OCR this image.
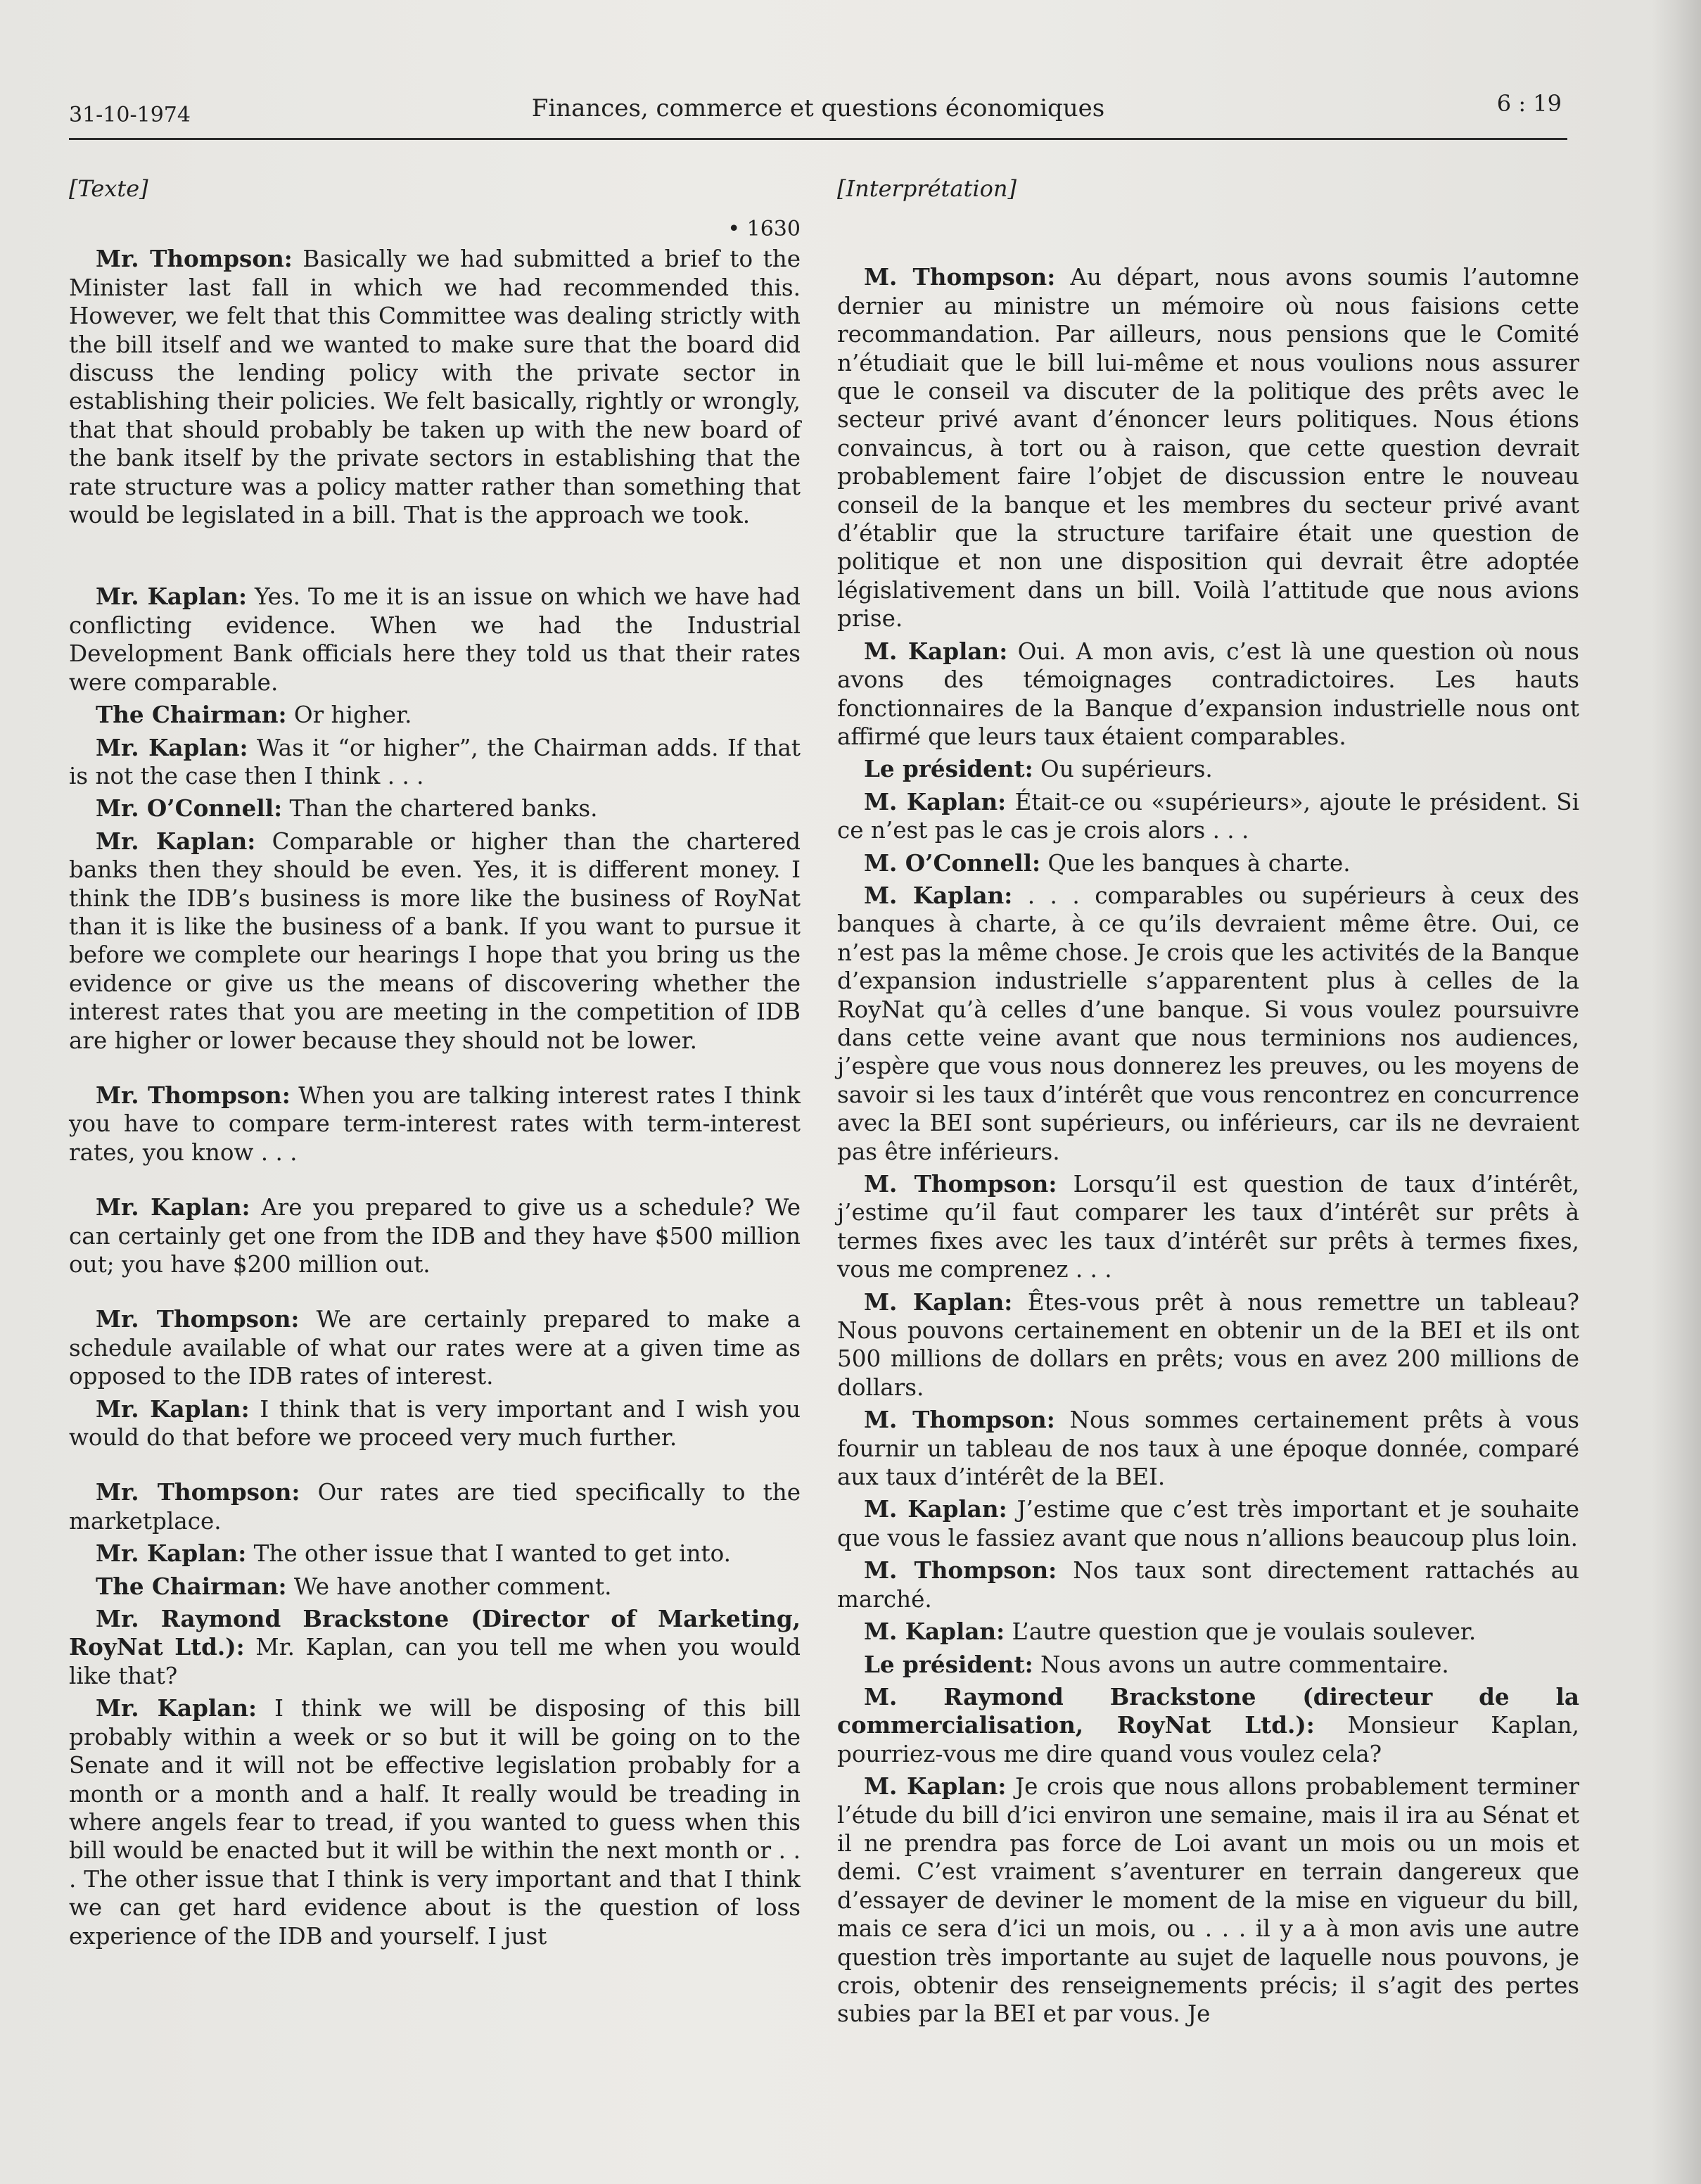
31-10-1974	Finances, commerce et questions économiques	6 : 19
[Texte]
• 1630

Mr. Thompson: Basically we had submitted a brief to the Minister last fall in which we had recommended this. However, we felt that this Committee was dealing strictly with the bill itself and we wanted to make sure that the board did discuss the lending policy with the private sector in establishing their policies. We felt basically, rightly or wrongly, that that should probably be taken up with the new board of the bank itself by the private sectors in establishing that the rate structure was a policy matter rather than something that would be legislated in a bill. That is the approach we took.

Mr. Kaplan: Yes. To me it is an issue on which we have had conflicting evidence. When we had the Industrial Development Bank officials here they told us that their rates were comparable.

The Chairman: Or higher.

Mr. Kaplan: Was it “or higher”, the Chairman adds. If that is not the case then I think . . .

Mr. O’Connell: Than the chartered banks.

Mr. Kaplan: Comparable or higher than the chartered banks then they should be even. Yes, it is different money. I think the IDB’s business is more like the business of RoyNat than it is like the business of a bank. If you want to pursue it before we complete our hearings I hope that you bring us the evidence or give us the means of discovering whether the interest rates that you are meeting in the competition of IDB are higher or lower because they should not be lower.

Mr. Thompson: When you are talking interest rates I think you have to compare term-interest rates with term-interest rates, you know . . .

Mr. Kaplan: Are you prepared to give us a schedule? We can certainly get one from the IDB and they have $500 million out; you have $200 million out.

Mr. Thompson: We are certainly prepared to make a schedule available of what our rates were at a given time as opposed to the IDB rates of interest.

Mr. Kaplan: I think that is very important and I wish you would do that before we proceed very much further.

Mr. Thompson: Our rates are tied specifically to the marketplace.

Mr. Kaplan: The other issue that I wanted to get into.

The Chairman: We have another comment.

Mr. Raymond Brackstone (Director of Marketing, RoyNat Ltd.): Mr. Kaplan, can you tell me when you would like that?

Mr. Kaplan: I think we will be disposing of this bill probably within a week or so but it will be going on to the Senate and it will not be effective legislation probably for a month or a month and a half. It really would be treading in where angels fear to tread, if you wanted to guess when this bill would be enacted but it will be within the next month or . . . The other issue that I think is very important and that I think we can get hard evidence about is the question of loss experience of the IDB and yourself. I just

[Interprétation]

M. Thompson: Au départ, nous avons soumis l’automne dernier au ministre un mémoire où nous faisions cette recommandation. Par ailleurs, nous pensions que le Comité n’étudiait que le bill lui-même et nous voulions nous assurer que le conseil va discuter de la politique des prêts avec le secteur privé avant d’énoncer leurs politiques. Nous étions convaincus, à tort ou à raison, que cette question devrait probablement faire l’objet de discussion entre le nouveau conseil de la banque et les membres du secteur privé avant d’établir que la structure tarifaire était une question de politique et non une disposition qui devrait être adoptée législativement dans un bill. Voilà l’attitude que nous avions prise.

M. Kaplan: Oui. A mon avis, c’est là une question où nous avons des témoignages contradictoires. Les hauts fonctionnaires de la Banque d’expansion industrielle nous ont affirmé que leurs taux étaient comparables.

Le président: Ou supérieurs.

M. Kaplan: Était-ce ou «supérieurs», ajoute le président. Si ce n’est pas le cas je crois alors . . .

M. O’Connell: Que les banques à charte.

M. Kaplan: . . . comparables ou supérieurs à ceux des banques à charte, à ce qu’ils devraient même être. Oui, ce n’est pas la même chose. Je crois que les activités de la Banque d’expansion industrielle s’apparentent plus à celles de la RoyNat qu’à celles d’une banque. Si vous voulez poursuivre dans cette veine avant que nous terminions nos audiences, j’espère que vous nous donnerez les preuves, ou les moyens de savoir si les taux d’intérêt que vous rencontrez en concurrence avec la BEI sont supérieurs, ou inférieurs, car ils ne devraient pas être inférieurs.

M. Thompson: Lorsqu’il est question de taux d’intérêt, j’estime qu’il faut comparer les taux d’intérêt sur prêts à termes fixes avec les taux d’intérêt sur prêts à termes fixes, vous me comprenez . . .

M. Kaplan: Êtes-vous prêt à nous remettre un tableau? Nous pouvons certainement en obtenir un de la BEI et ils ont 500 millions de dollars en prêts; vous en avez 200 millions de dollars.

M. Thompson: Nous sommes certainement prêts à vous fournir un tableau de nos taux à une époque donnée, comparé aux taux d’intérêt de la BEI.

M. Kaplan: J’estime que c’est très important et je souhaite que vous le fassiez avant que nous n’allions beaucoup plus loin.

M. Thompson: Nos taux sont directement rattachés au marché.

M. Kaplan: L’autre question que je voulais soulever.

Le président: Nous avons un autre commentaire.

M. Raymond Brackstone (directeur de la commercialisation, RoyNat Ltd.): Monsieur Kaplan, pourriez-vous me dire quand vous voulez cela?

M. Kaplan: Je crois que nous allons probablement terminer l’étude du bill d’ici environ une semaine, mais il ira au Sénat et il ne prendra pas force de Loi avant un mois ou un mois et demi. C’est vraiment s’aventurer en terrain dangereux que d’essayer de deviner le moment de la mise en vigueur du bill, mais ce sera d’ici un mois, ou . . . il y a à mon avis une autre question très importante au sujet de laquelle nous pouvons, je crois, obtenir des renseignements précis; il s’agit des pertes subies par la BEI et par vous. Je
